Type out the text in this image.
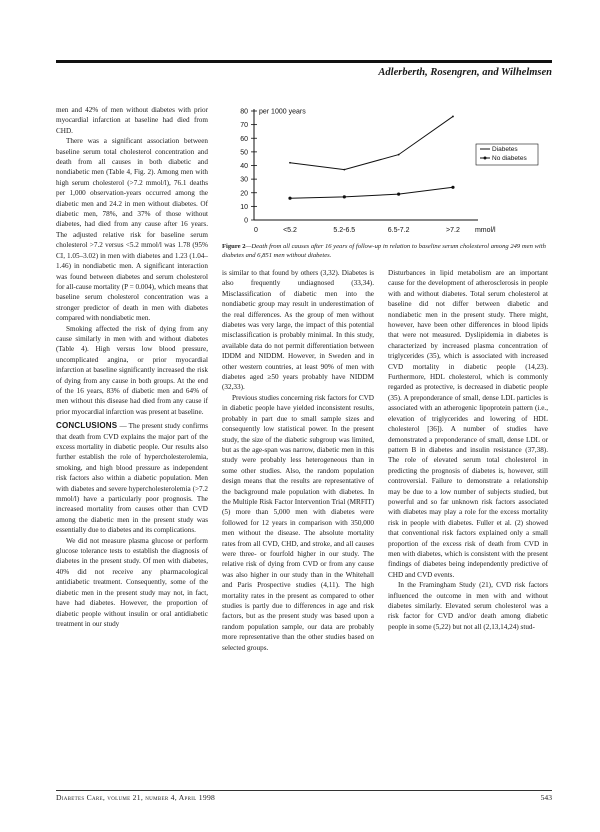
Adlerberth, Rosengren, and Wilhelmsen

men and 42% of men without diabetes with prior myocardial infarction at baseline had died from CHD.

There was a significant association between baseline serum total cholesterol concentration and death from all causes in both diabetic and nondiabetic men (Table 4, Fig. 2). Among men with high serum cholesterol (>7.2 mmol/l), 76.1 deaths per 1,000 observation-years occurred among the diabetic men and 24.2 in men without diabetes. Of diabetic men, 78%, and 37% of those without diabetes, had died from any cause after 16 years. The adjusted relative risk for baseline serum cholesterol >7.2 versus <5.2 mmol/l was 1.78 (95% CI, 1.05–3.02) in men with diabetes and 1.23 (1.04–1.46) in nondiabetic men. A significant interaction was found between diabetes and serum cholesterol for all-cause mortality (P = 0.004), which means that baseline serum cholesterol concentration was a stronger predictor of death in men with diabetes compared with nondiabetic men.

Smoking affected the risk of dying from any cause similarly in men with and without diabetes (Table 4). High versus low blood pressure, uncomplicated angina, or prior myocardial infarction at baseline significantly increased the risk of dying from any cause in both groups. At the end of the 16 years, 83% of diabetic men and 64% of men without this disease had died from any cause if prior myocardial infarction was present at baseline.

CONCLUSIONS — The present study confirms that death from CVD explains the major part of the excess mortality in diabetic people. Our results also further establish the role of hypercholesterolemia, smoking, and high blood pressure as independent risk factors also within a diabetic population. Men with diabetes and severe hypercholesterolemia (>7.2 mmol/l) have a particularly poor prognosis. The increased mortality from causes other than CVD among the diabetic men in the present study was essentially due to diabetes and its complications.

We did not measure plasma glucose or perform glucose tolerance tests to establish the diagnosis of diabetes in the present study. Of men with diabetes, 40% did not receive any pharmacological antidiabetic treatment. Consequently, some of the diabetic men in the present study may not, in fact, have had diabetes. However, the proportion of diabetic people without insulin or oral antidiabetic treatment in our study

0
10
20
30
40
50
60
70
80 per 1000 years
0	<5.2	5.2-6.5	6.5-7.2	>7.2 mmol/l
Diabetes
No diabetes
Figure 2—Death from all causes after 16 years of follow-up in relation to baseline serum cholesterol among 249 men with diabetes and 6,851 men without diabetes.

is similar to that found by others (3,32). Diabetes is also frequently undiagnosed (33,34). Misclassification of diabetic men into the nondiabetic group may result in underestimation of the real differences. As the group of men without diabetes was very large, the impact of this potential misclassification is probably minimal. In this study, available data do not permit differentiation between IDDM and NIDDM. However, in Sweden and in other western countries, at least 90% of men with diabetes aged ≥50 years probably have NIDDM (32,33).

Previous studies concerning risk factors for CVD in diabetic people have yielded inconsistent results, probably in part due to small sample sizes and consequently low statistical power. In the present study, the size of the diabetic subgroup was limited, but as the age-span was narrow, diabetic men in this study were probably less heterogeneous than in some other studies. Also, the random population design means that the results are representative of the background male population with diabetes. In the Multiple Risk Factor Intervention Trial (MRFIT) (5) more than 5,000 men with diabetes were followed for 12 years in comparison with 350,000 men without the disease. The absolute mortality rates from all CVD, CHD, and stroke, and all causes were three- or fourfold higher in our study. The relative risk of dying from CVD or from any cause was also higher in our study than in the Whitehall and Paris Prospective studies (4,11). The high mortality rates in the present as compared to other studies is partly due to differences in age and risk factors, but as the present study was based upon a random population sample, our data are probably more representative than the other studies based on selected groups.

Disturbances in lipid metabolism are an important cause for the development of atherosclerosis in people with and without diabetes. Total serum cholesterol at baseline did not differ between diabetic and nondiabetic men in the present study. There might, however, have been other differences in blood lipids that were not measured. Dyslipidemia in diabetes is characterized by increased plasma concentration of triglycerides (35), which is associated with increased CVD mortality in diabetic people (14,23). Furthermore, HDL cholesterol, which is commonly regarded as protective, is decreased in diabetic people (35). A preponderance of small, dense LDL particles is associated with an atherogenic lipoprotein pattern (i.e., elevation of triglycerides and lowering of HDL cholesterol [36]). A number of studies have demonstrated a preponderance of small, dense LDL or pattern B in diabetes and insulin resistance (37,38). The role of elevated serum total cholesterol in predicting the prognosis of diabetes is, however, still controversial. Failure to demonstrate a relationship may be due to a low number of subjects studied, but powerful and so far unknown risk factors associated with diabetes may play a role for the excess mortality risk in people with diabetes. Fuller et al. (2) showed that conventional risk factors explained only a small proportion of the excess risk of death from CVD in men with diabetes, which is consistent with the present findings of diabetes being independently predictive of CHD and CVD events.

In the Framingham Study (21), CVD risk factors influenced the outcome in men with and without diabetes similarly. Elevated serum cholesterol was a risk factor for CVD and/or death among diabetic people in some (5,22) but not all (2,13,14,24) stud-

Diabetes Care, volume 21, number 4, April 1998	543
